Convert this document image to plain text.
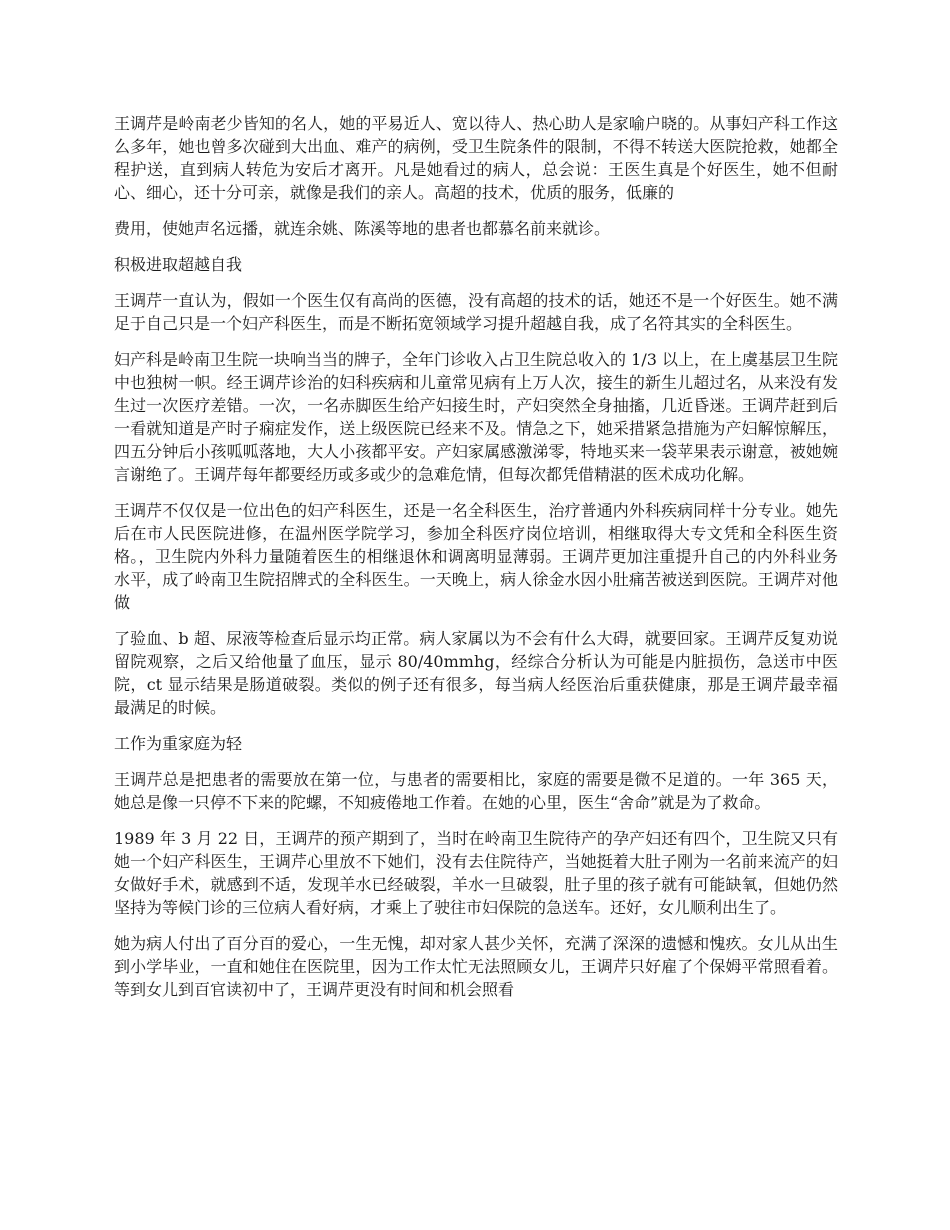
王调芹是岭南老少皆知的名人，她的平易近人、宽以待人、热心助人是家喻户晓的。从事妇产科工作这么多年，她也曾多次碰到大出血、难产的病例，受卫生院条件的限制，不得不转送大医院抢救，她都全程护送，直到病人转危为安后才离开。凡是她看过的病人，总会说：王医生真是个好医生，她不但耐心、细心，还十分可亲，就像是我们的亲人。高超的技术，优质的服务，低廉的

费用，使她声名远播，就连余姚、陈溪等地的患者也都慕名前来就诊。

积极进取超越自我

王调芹一直认为，假如一个医生仅有高尚的医德，没有高超的技术的话，她还不是一个好医生。她不满足于自己只是一个妇产科医生，而是不断拓宽领域学习提升超越自我，成了名符其实的全科医生。

妇产科是岭南卫生院一块响当当的牌子，全年门诊收入占卫生院总收入的 1/3 以上，在上虞基层卫生院中也独树一帜。经王调芹诊治的妇科疾病和儿童常见病有上万人次，接生的新生儿超过名，从来没有发生过一次医疗差错。一次，一名赤脚医生给产妇接生时，产妇突然全身抽搐，几近昏迷。王调芹赶到后一看就知道是产时子痫症发作，送上级医院已经来不及。情急之下，她采措紧急措施为产妇解惊解压，四五分钟后小孩呱呱落地，大人小孩都平安。产妇家属感激涕零，特地买来一袋苹果表示谢意，被她婉言谢绝了。王调芹每年都要经历或多或少的急难危情，但每次都凭借精湛的医术成功化解。

王调芹不仅仅是一位出色的妇产科医生，还是一名全科医生，治疗普通内外科疾病同样十分专业。她先后在市人民医院进修，在温州医学院学习，参加全科医疗岗位培训，相继取得大专文凭和全科医生资格。，卫生院内外科力量随着医生的相继退休和调离明显薄弱。王调芹更加注重提升自己的内外科业务水平，成了岭南卫生院招牌式的全科医生。一天晚上，病人徐金水因小肚痛苦被送到医院。王调芹对他做

了验血、b 超、尿液等检查后显示均正常。病人家属以为不会有什么大碍，就要回家。王调芹反复劝说留院观察，之后又给他量了血压，显示 80/40mmhg，经综合分析认为可能是内脏损伤，急送市中医院，ct 显示结果是肠道破裂。类似的例子还有很多，每当病人经医治后重获健康，那是王调芹最幸福最满足的时候。

工作为重家庭为轻

王调芹总是把患者的需要放在第一位，与患者的需要相比，家庭的需要是微不足道的。一年 365 天，她总是像一只停不下来的陀螺，不知疲倦地工作着。在她的心里，医生“舍命”就是为了救命。

1989 年 3 月 22 日，王调芹的预产期到了，当时在岭南卫生院待产的孕产妇还有四个，卫生院又只有她一个妇产科医生，王调芹心里放不下她们，没有去住院待产，当她挺着大肚子刚为一名前来流产的妇女做好手术，就感到不适，发现羊水已经破裂，羊水一旦破裂，肚子里的孩子就有可能缺氧，但她仍然坚持为等候门诊的三位病人看好病，才乘上了驶往市妇保院的急送车。还好，女儿顺利出生了。

她为病人付出了百分百的爱心，一生无愧，却对家人甚少关怀，充满了深深的遗憾和愧疚。女儿从出生到小学毕业，一直和她住在医院里，因为工作太忙无法照顾女儿，王调芹只好雇了个保姆平常照看着。等到女儿到百官读初中了，王调芹更没有时间和机会照看
